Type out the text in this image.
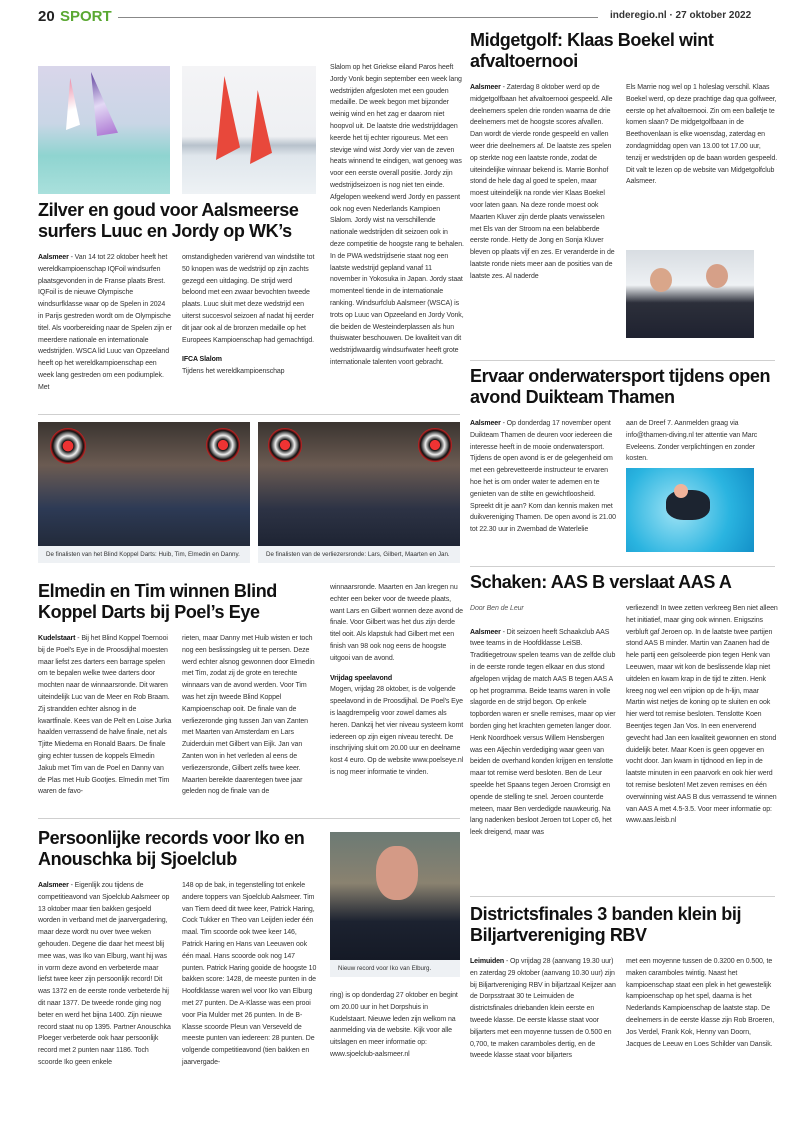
20 SPORT	inderegio.nl · 27 oktober 2022
Zilver en goud voor Aalsmeerse surfers Luuc en Jordy op WK’s
Aalsmeer - Van 14 tot 22 oktober heeft het wereldkampioenschap IQFoil windsurfen plaatsgevonden in de Franse plaats Brest. IQFoil is de nieuwe Olympische windsurfklasse waar op de Spelen in 2024 in Parijs gestreden wordt om de Olympische titel. Als voorbereiding naar de Spelen zijn er meerdere nationale en internationale wedstrijden. WSCA lid Luuc van Opzeeland heeft op het wereldkampioenschap een week lang gestreden om een podiumplek. Met
omstandigheden variërend van windstilte tot 50 knopen was de wedstrijd op zijn zachts gezegd een uitdaging. De strijd werd beloond met een zwaar bevochten tweede plaats. Luuc sluit met deze wedstrijd een uiterst succesvol seizoen af nadat hij eerder dit jaar ook al de bronzen medaille op het Europees Kampioenschap had gemachtigd.
IFCA Slalom
Tijdens het wereldkampioenschap
Slalom op het Griekse eiland Paros heeft Jordy Vonk begin september een week lang wedstrijden afgesloten met een gouden medaille. De week begon met bijzonder weinig wind en het zag er daarom niet hoopvol uit. De laatste drie wedstrijddagen keerde het tij echter rigoureus. Met een stevige wind wist Jordy vier van de zeven heats winnend te eindigen, wat genoeg was voor een eerste overall positie. Jordy zijn wedstrijdseizoen is nog niet ten einde. Afgelopen weekend werd Jordy en passent ook nog even Nederlands Kampioen Slalom. Jordy wist na verschillende nationale wedstrijden dit seizoen ook in deze competitie de hoogste rang te behalen. In de PWA wedstrijdserie staat nog een laatste wedstrijd gepland vanaf 11 november in Yokosuka in Japan. Jordy staat momenteel tiende in de internationale ranking. Windsurfclub Aalsmeer (WSCA) is trots op Luuc van Opzeeland en Jordy Vonk, die beiden de Westeinderplassen als hun thuiswater beschouwen. De kwaliteit van dit wedstrijdwaardig windsurfwater heeft grote internationale talenten voort gebracht.
Midgetgolf: Klaas Boekel wint afvaltoernooi
Aalsmeer - Zaterdag 8 oktober werd op de midgetgolfbaan het afvaltoernooi gespeeld. Alle deelnemers spelen drie ronden waarna de drie deelnemers met de hoogste scores afvallen. Dan wordt de vierde ronde gespeeld en vallen weer drie deelnemers af. De laatste zes spelen op sterkte nog een laatste ronde, zodat de uiteindelijke winnaar bekend is. Marrie Bonhof stond de hele dag al goed te spelen, maar moest uiteindelijk na ronde vier Klaas Boekel voor laten gaan. Na deze ronde moest ook Maarten Kluver zijn derde plaats verwisselen met Els van der Stroom na een belabberde eerste ronde. Hetty de Jong en Sonja Kluver bleven op plaats vijf en zes. Er veranderde in de laatste ronde niets meer aan de posities van de laatste zes. Al naderde
Els Marrie nog wel op 1 holeslag verschil. Klaas Boekel werd, op deze prachtige dag qua golfweer, eerste op het afvaltoernooi. Zin om een balletje te komen slaan? De midgetgolfbaan in de Beethovenlaan is elke woensdag, zaterdag en zondagmiddag open van 13.00 tot 17.00 uur, tenzij er wedstrijden op de baan worden gespeeld. Dit valt te lezen op de website van Midgetgolfclub Aalsmeer.
Ervaar onderwatersport tijdens open avond Duikteam Thamen
Aalsmeer - Op donderdag 17 november opent Duikteam Thamen de deuren voor iedereen die interesse heeft in de mooie onderwatersport. Tijdens de open avond is er de gelegenheid om met een gebrevetteerde instructeur te ervaren hoe het is om onder water te ademen en te genieten van de stilte en gewichtloosheid. Spreekt dit je aan? Kom dan kennis maken met duikvereniging Thamen. De open avond is 21.00 tot 22.30 uur in Zwembad de Waterlelie
aan de Dreef 7. Aanmelden graag via info@thamen-diving.nl ter attentie van Marc Eveleens. Zonder verplichtingen en zonder kosten.
De finalisten van het Blind Koppel Darts: Huib, Tim, Elmedin en Danny.	De finalisten van de verliezersronde: Lars, Gilbert, Maarten en Jan.
Elmedin en Tim winnen Blind Koppel Darts bij Poel’s Eye
Kudelstaart - Bij het Blind Koppel Toernooi bij de Poel’s Eye in de Proosdijhal moesten maar liefst zes darters een barrage spelen om te bepalen welke twee darters door mochten naar de winnaarsronde. Dit waren uiteindelijk Luc van de Meer en Rob Braam. Zij strandden echter alsnog in de kwartfinale. Kees van de Pelt en Loise Jurka haalden verrassend de halve finale, net als Tjitte Miedema en Ronald Baars. De finale ging echter tussen de koppels Elmedin Jakub met Tim van de Poel en Danny van de Plas met Huib Gootjes. Elmedin met Tim waren de favo-
rieten, maar Danny met Huib wisten er toch nog een beslissingsleg uit te persen. Deze werd echter alsnog gewonnen door Elmedin met Tim, zodat zij de grote en terechte winnaars van de avond werden. Voor Tim was het zijn tweede Blind Koppel Kampioenschap ooit. De finale van de verliezeronde ging tussen Jan van Zanten met Maarten van Amsterdam en Lars Zuiderduin met Gilbert van Eijk. Jan van Zanten won in het verleden al eens de verliezersronde, Gilbert zelfs twee keer. Maarten bereikte daarentegen twee jaar geleden nog de finale van de
winnaarsronde. Maarten en Jan kregen nu echter een beker voor de tweede plaats, want Lars en Gilbert wonnen deze avond de finale. Voor Gilbert was het dus zijn derde titel ooit. Als klapstuk had Gilbert met een finish van 98 ook nog eens de hoogste uitgooi van de avond.
Vrijdag speelavond
Mogen, vrijdag 28 oktober, is de volgende speelavond in de Proosdijhal. De Poel’s Eye is laagdrempelig voor zowel dames als heren. Dankzij het vier niveau systeem komt iedereen op zijn eigen niveau terecht. De inschrijving sluit om 20.00 uur en deelname kost 4 euro. Op de website www.poelseye.nl is nog meer informatie te vinden.
Schaken: AAS B verslaat AAS A
Door Ben de Leur

Aalsmeer - Dit seizoen heeft Schaakclub AAS twee teams in de Hoofdklasse LeiSB. Traditiegetrouw spelen teams van de zelfde club in de eerste ronde tegen elkaar en dus stond afgelopen vrijdag de match AAS B tegen AAS A op het programma. Beide teams waren in volle slagorde en de strijd begon. Op enkele topborden waren er snelle remises, maar op vier borden ging het krachten gemeten langer door. Henk Noordhoek versus Willem Hensbergen was een Aljechin verdediging waar geen van beiden de overhand konden krijgen en tenslotte maar tot remise werd besloten. Ben de Leur speelde het Spaans tegen Jeroen Cromsigt en opende de stelling te snel. Jeroen counterde meteen, maar Ben verdedigde nauwkeurig. Na lang nadenken besloot Jeroen tot Loper c6, het leek dreigend, maar was
verliezend! In twee zetten verkreeg Ben niet alleen het initiatief, maar ging ook winnen. Enigszins verbluft gaf Jeroen op. In de laatste twee partijen stond AAS B minder. Martin van Zaanen had de hele partij een geïsoleerde pion tegen Henk van Leeuwen, maar wit kon de beslissende klap niet uitdelen en kwam krap in de tijd te zitten. Henk kreeg nog wel een vrijpion op de h-lijn, maar Martin wist netjes de koning op te sluiten en ook hier werd tot remise besloten. Tenslotte Koen Beentjes tegen Jan Vos. In een enerverend gevecht had Jan een kwaliteit gewonnen en stond duidelijk beter. Maar Koen is geen opgever en vocht door. Jan kwam in tijdnood en liep in de laatste minuten in een paarvork en ook hier werd tot remise besloten! Met zeven remises en één overwinning wist AAS B dus verrassend te winnen van AAS A met 4.5-3.5. Voor meer informatie op: www.aas.leisb.nl
Persoonlijke records voor Iko en Anouschka bij Sjoelclub
Aalsmeer - Eigenlijk zou tijdens de competitieavond van Sjoelclub Aalsmeer op 13 oktober maar tien bakken gesjoeld worden in verband met de jaarvergadering, maar deze wordt nu over twee weken gehouden. Degene die daar het meest blij mee was, was Iko van Elburg, want hij was in vorm deze avond en verbeterde maar liefst twee keer zijn persoonlijk record! Dit was 1372 en de eerste ronde verbeterde hij dit naar 1377. De tweede ronde ging nog beter en werd het bijna 1400. Zijn nieuwe record staat nu op 1395. Partner Anouschka Ploeger verbeterde ook haar persoonlijk record met 2 punten naar 1186. Toch scoorde Iko geen enkele
148 op de bak, in tegenstelling tot enkele andere toppers van Sjoelclub Aalsmeer. Tim van Tiem deed dit twee keer, Patrick Haring, Cock Tukker en Theo van Leijden ieder één maal. Tim scoorde ook twee keer 146, Patrick Haring en Hans van Leeuwen ook één maal. Hans scoorde ook nog 147 punten. Patrick Haring gooide de hoogste 10 bakken score: 1428, de meeste punten in de Hoofdklasse waren wel voor Iko van Elburg met 27 punten. De A-Klasse was een prooi voor Pia Mulder met 26 punten. In de B-Klasse scoorde Pleun van Verseveld de meeste punten van iedereen: 28 punten. De volgende competitieavond (tien bakken en jaarvergade-
Nieuw record voor Iko van Elburg.
ring) is op donderdag 27 oktober en begint om 20.00 uur in het Dorpshuis in Kudelstaart. Nieuwe leden zijn welkom na aanmelding via de website. Kijk voor alle uitslagen en meer informatie op: www.sjoelclub-aalsmeer.nl
Districtsfinales 3 banden klein bij Biljartvereniging RBV
Leimuiden - Op vrijdag 28 (aanvang 19.30 uur) en zaterdag 29 oktober (aanvang 10.30 uur) zijn bij Biljartvereniging RBV in biljartzaal Keijzer aan de Dorpsstraat 30 te Leimuiden de districtsfinales driebanden klein eerste en tweede klasse. De eerste klasse staat voor biljarters met een moyenne tussen de 0.500 en 0,700, te maken caramboles dertig, en de tweede klasse staat voor biljarters
met een moyenne tussen de 0.3200 en 0.500, te maken caramboles twintig. Naast het kampioenschap staat een plek in het gewestelijk kampioenschap op het spel, daarna is het Nederlands Kampioenschap de laatste stap. De deelnemers in de eerste klasse zijn Rob Broeren, Jos Verdel, Frank Kok, Henny van Doorn, Jacques de Leeuw en Loes Schilder van Dansik.
